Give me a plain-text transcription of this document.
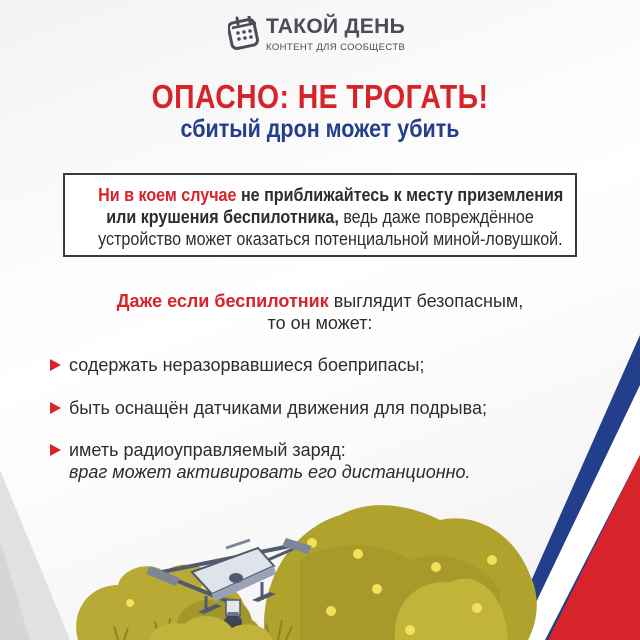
ТАКОЙ ДЕНЬ
КОНТЕНТ ДЛЯ СООБЩЕСТВ
ОПАСНО: НЕ ТРОГАТЬ!
сбитый дрон может убить

Ни в коем случае не приближайтесь к месту приземления

или крушения беспилотника, ведь даже повреждённое

устройство может оказаться потенциальной миной-ловушкой.

Даже если беспилотник выглядит безопасным,

то он может:

содержать неразорвавшиеся боеприпасы;
быть оснащён датчиками движения для подрыва;
иметь радиоуправляемый заряд:
враг может активировать его дистанционно.
